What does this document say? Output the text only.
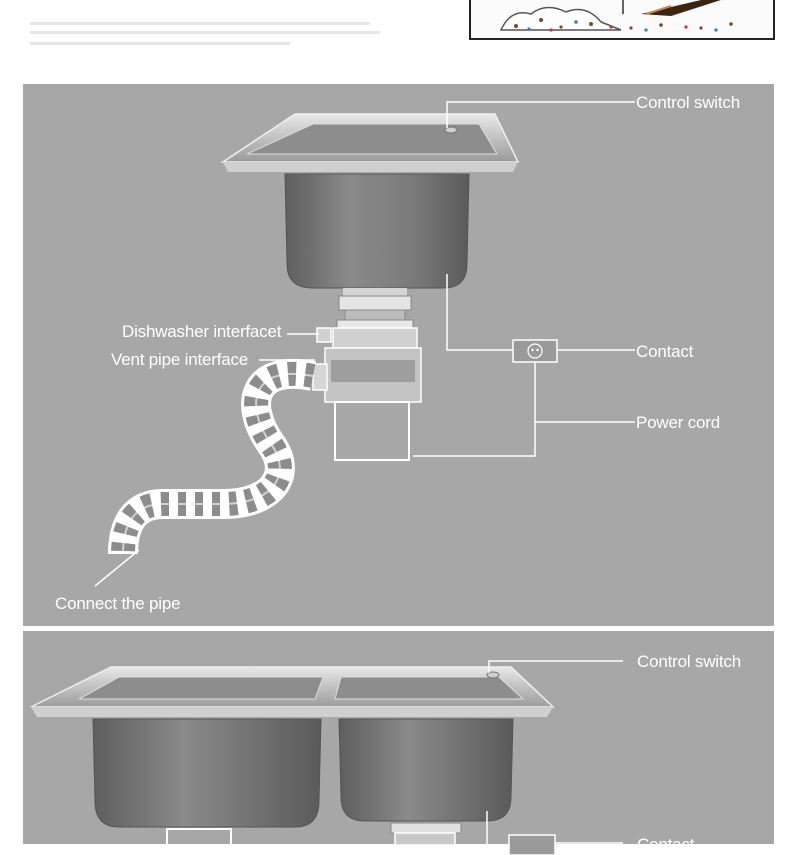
Control switch
Dishwasher interfacet
Vent pipe interface	Contact
Power cord
Connect the pipe
Control switch
Contact
